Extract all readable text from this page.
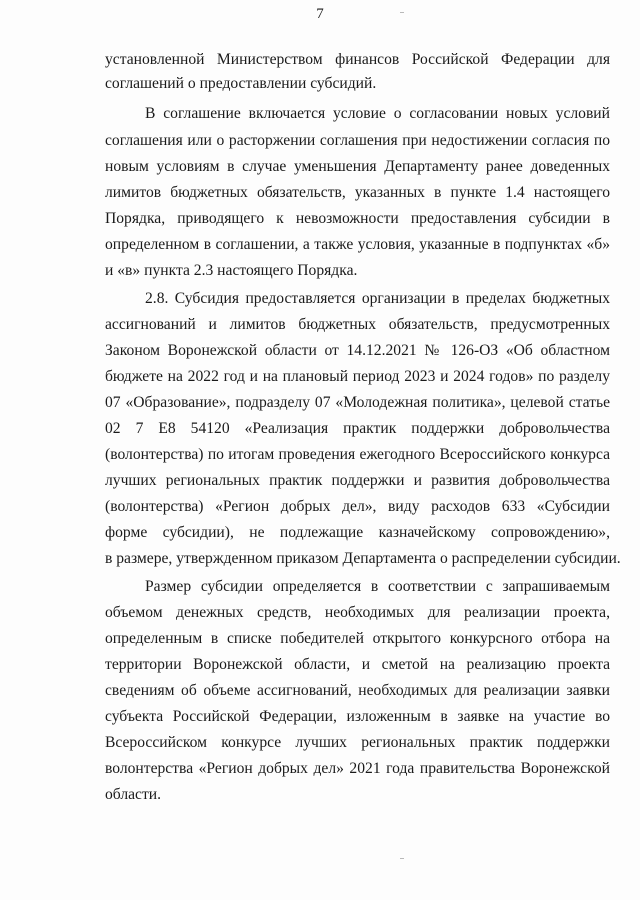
7
установленной Министерством финансов Российской Федерации для
соглашений о предоставлении субсидий.
В соглашение включается условие о согласовании новых условий
соглашения или о расторжении соглашения при недостижении согласия по
новым условиям в случае уменьшения Департаменту ранее доведенных
лимитов бюджетных обязательств, указанных в пункте 1.4 настоящего
Порядка, приводящего к невозможности предоставления субсидии в
определенном в соглашении, а также условия, указанные в подпунктах «б»
и «в» пункта 2.3 настоящего Порядка.
2.8. Субсидия предоставляется организации в пределах бюджетных
ассигнований и лимитов бюджетных обязательств, предусмотренных
Законом Воронежской области от 14.12.2021 № 126-ОЗ «Об областном
бюджете на 2022 год и на плановый период 2023 и 2024 годов» по разделу
07 «Образование», подразделу 07 «Молодежная политика», целевой статье
02 7 Е8 54120 «Реализация практик поддержки добровольчества
(волонтерства) по итогам проведения ежегодного Всероссийского конкурса
лучших региональных практик поддержки и развития добровольчества
(волонтерства) «Регион добрых дел», виду расходов 633 «Субсидии
форме субсидии), не подлежащие казначейскому сопровождению»,
в размере, утвержденном приказом Департамента о распределении субсидии.
Размер субсидии определяется в соответствии с запрашиваемым
объемом денежных средств, необходимых для реализации проекта,
определенным в списке победителей открытого конкурсного отбора на
территории Воронежской области, и сметой на реализацию проекта
сведениям об объеме ассигнований, необходимых для реализации заявки
субъекта Российской Федерации, изложенным в заявке на участие во
Всероссийском конкурсе лучших региональных практик поддержки
волонтерства «Регион добрых дел» 2021 года правительства Воронежской
области.
